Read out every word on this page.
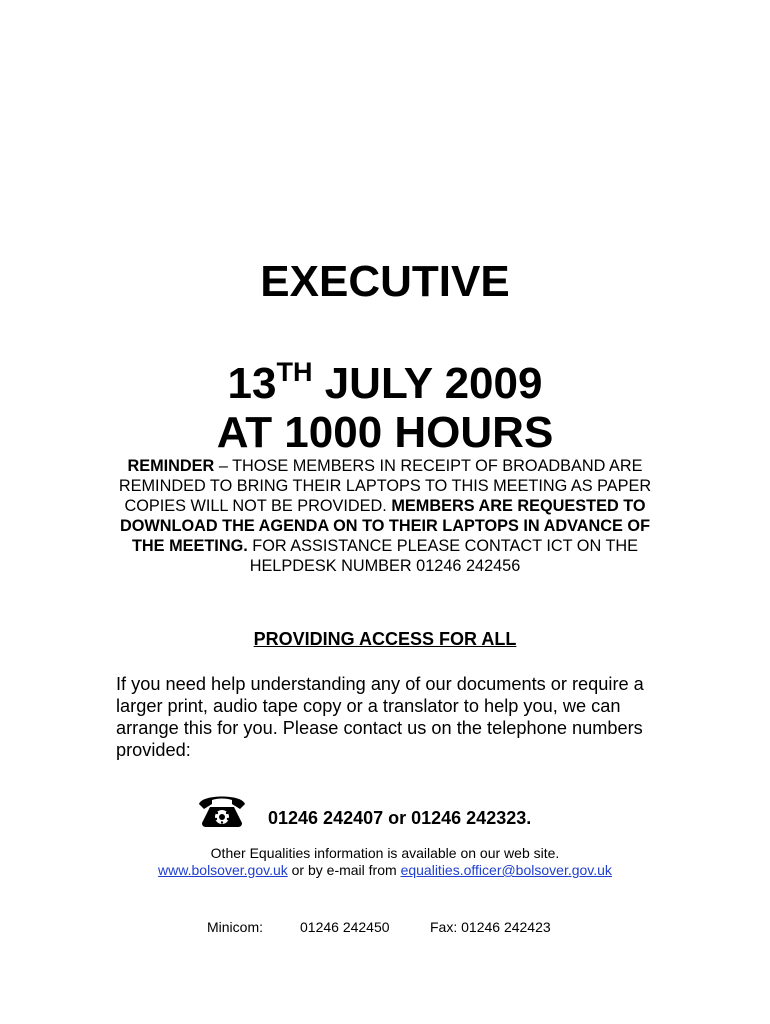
EXECUTIVE
13TH JULY 2009
AT 1000 HOURS
REMINDER – THOSE MEMBERS IN RECEIPT OF BROADBAND ARE REMINDED TO BRING THEIR LAPTOPS TO THIS MEETING AS PAPER COPIES WILL NOT BE PROVIDED. MEMBERS ARE REQUESTED TO DOWNLOAD THE AGENDA ON TO THEIR LAPTOPS IN ADVANCE OF THE MEETING. FOR ASSISTANCE PLEASE CONTACT ICT ON THE HELPDESK NUMBER 01246 242456
PROVIDING ACCESS FOR ALL
If you need help understanding any of our documents or require a larger print, audio tape copy or a translator to help you, we can arrange this for you. Please contact us on the telephone numbers provided:
01246 242407 or 01246 242323.
Other Equalities information is available on our web site.
www.bolsover.gov.uk or by e-mail from equalities.officer@bolsover.gov.uk
Minicom:	01246 242450	Fax: 01246 242423
